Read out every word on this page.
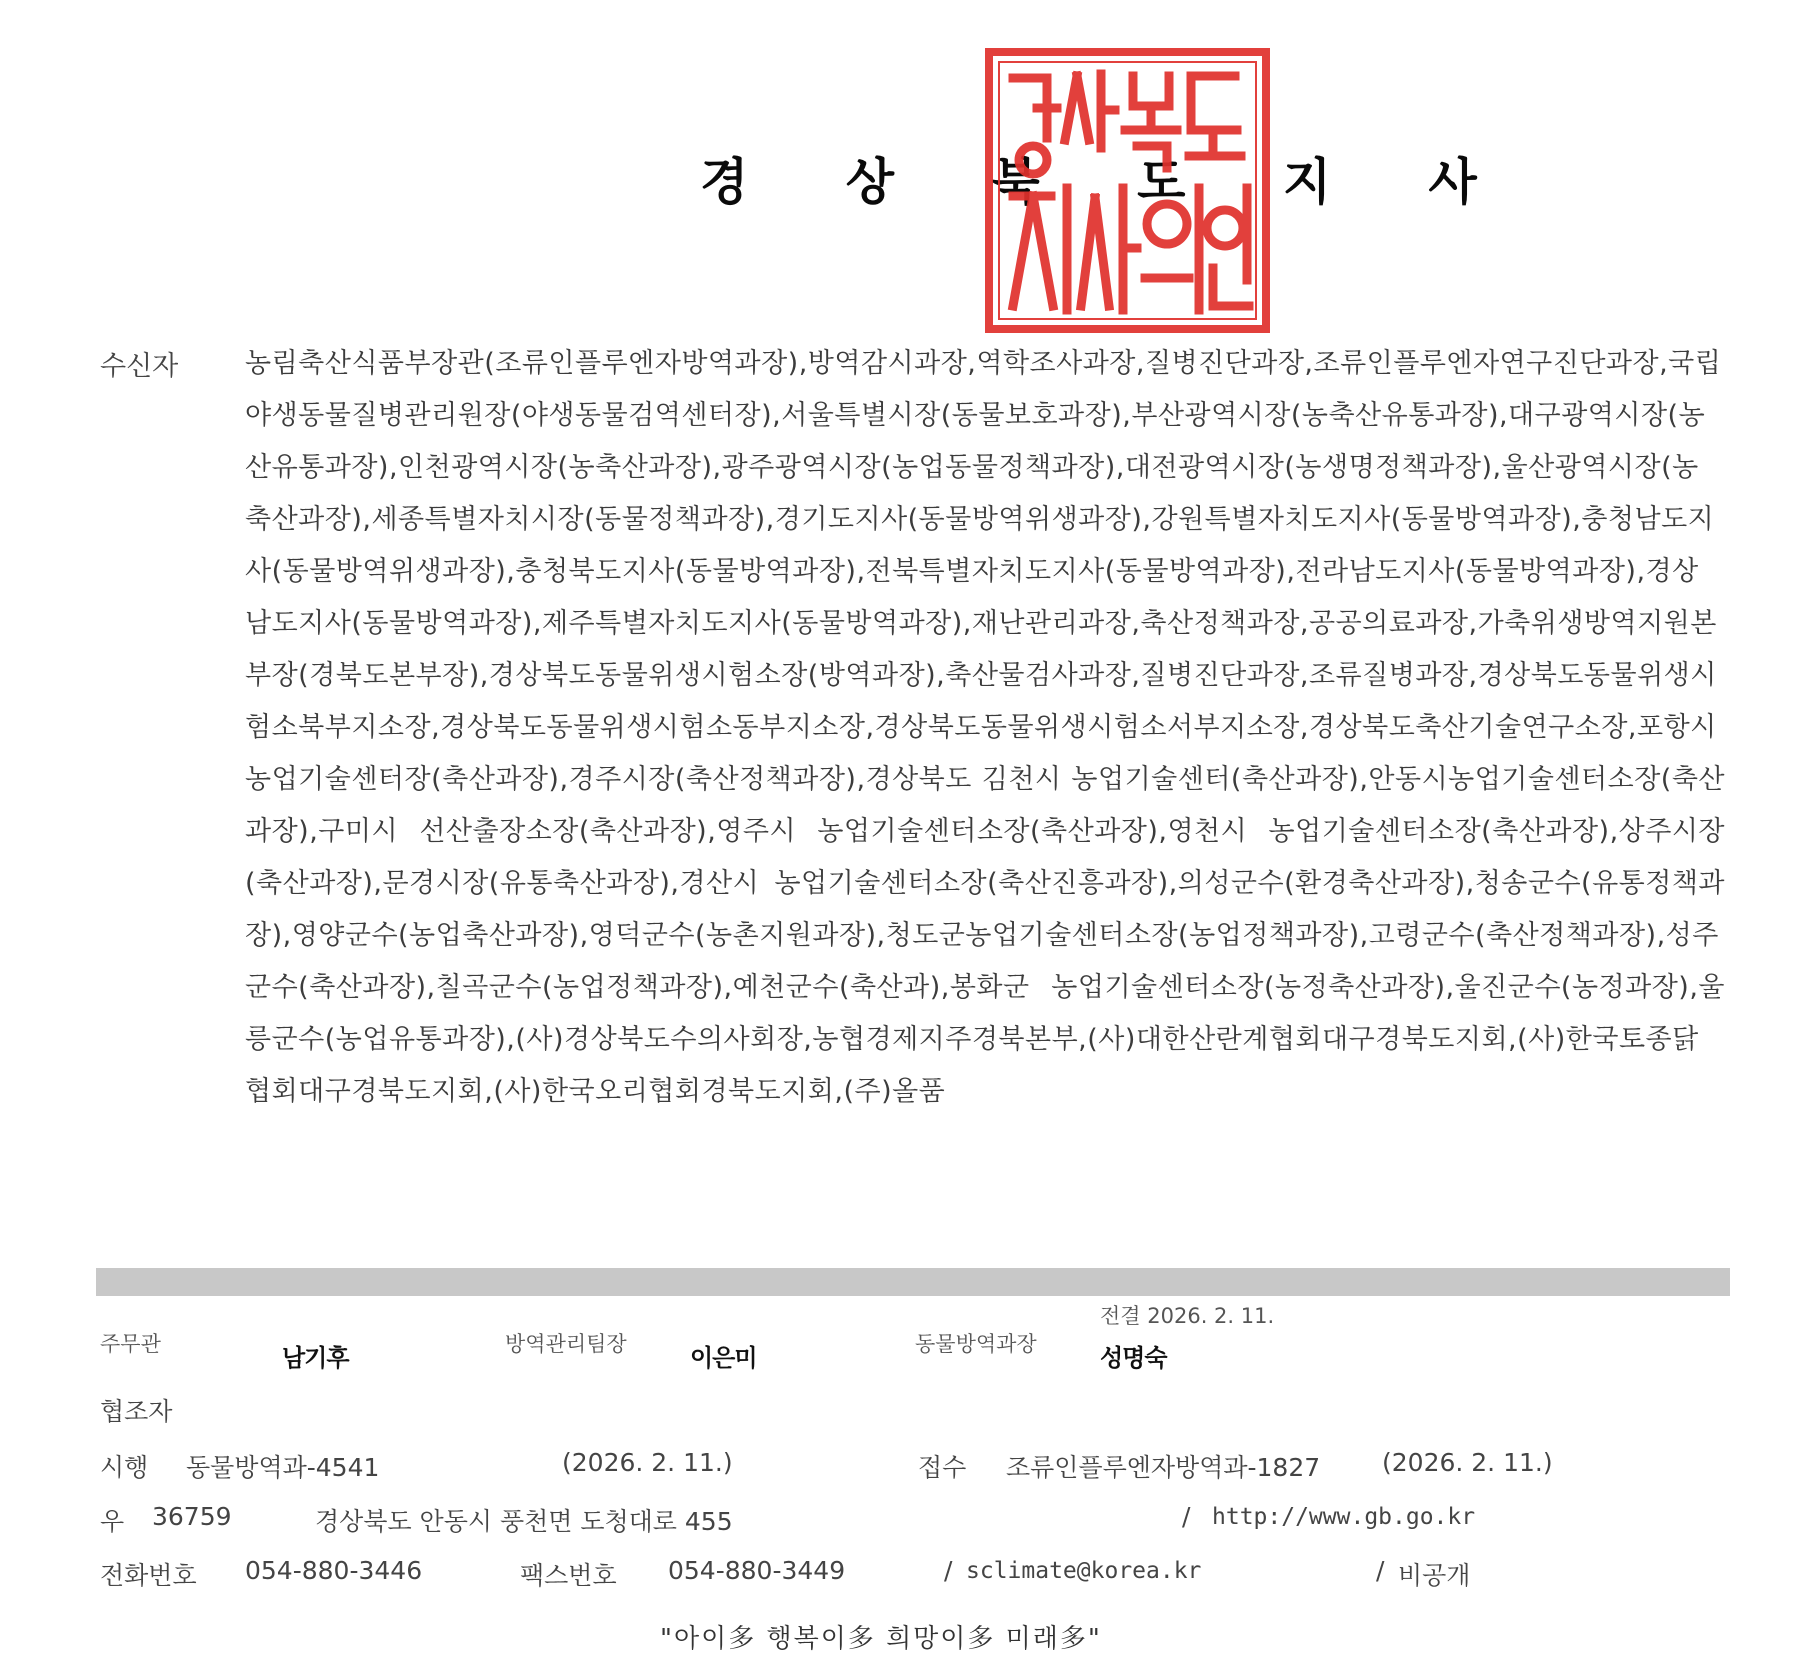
경 상 북 도 지 사
수신자 농림축산식품부장관(조류인플루엔자방역과장),방역감시과장,역학조사과장,질병진단과장,조류인플루엔자연구진단과장,국립야생동물질병관리원장(야생동물검역센터장),서울특별시장(동물보호과장),부산광역시장(농축산유통과장),대구광역시장(농산유통과장),인천광역시장(농축산과장),광주광역시장(농업동물정책과장),대전광역시장(농생명정책과장),울산광역시장(농축산과장),세종특별자치시장(동물정책과장),경기도지사(동물방역위생과장),강원특별자치도지사(동물방역과장),충청남도지사(동물방역위생과장),충청북도지사(동물방역과장),전북특별자치도지사(동물방역과장),전라남도지사(동물방역과장),경상남도지사(동물방역과장),제주특별자치도지사(동물방역과장),재난관리과장,축산정책과장,공공의료과장,가축위생방역지원본부장(경북도본부장),경상북도동물위생시험소장(방역과장),축산물검사과장,질병진단과장,조류질병과장,경상북도동물위생시험소북부지소장,경상북도동물위생시험소동부지소장,경상북도동물위생시험소서부지소장,경상북도축산기술연구소장,포항시 농업기술센터장(축산과장),경주시장(축산정책과장),경상북도 김천시 농업기술센터(축산과장),안동시농업기술센터소장(축산과장),구미시 선산출장소장(축산과장),영주시 농업기술센터소장(축산과장),영천시 농업기술센터소장(축산과장),상주시장(축산과장),문경시장(유통축산과장),경산시 농업기술센터소장(축산진흥과장),의성군수(환경축산과장),청송군수(유통정책과장),영양군수(농업축산과장),영덕군수(농촌지원과장),청도군농업기술센터소장(농업정책과장),고령군수(축산정책과장),성주군수(축산과장),칠곡군수(농업정책과장),예천군수(축산과),봉화군 농업기술센터소장(농정축산과장),울진군수(농정과장),울릉군수(농업유통과장),(사)경상북도수의사회장,농협경제지주경북본부,(사)대한산란계협회대구경북도지회,(사)한국토종닭협회대구경북도지회,(사)한국오리협회경북도지회,(주)올품
주무관	남기후	방역관리팀장	이은미	동물방역과장
전결 2026. 2. 11.
성명숙
협조자
시행 동물방역과-4541	(2026. 2. 11.)	접수 조류인플루엔자방역과-1827 (2026. 2. 11.)
우 36759	경상북도 안동시 풍천면 도청대로 455	/ http://www.gb.go.kr
전화번호 054-880-3446	팩스번호 054-880-3449	/ sclimate@korea.kr	/ 비공개
"아이多 행복이多 희망이多 미래多"
